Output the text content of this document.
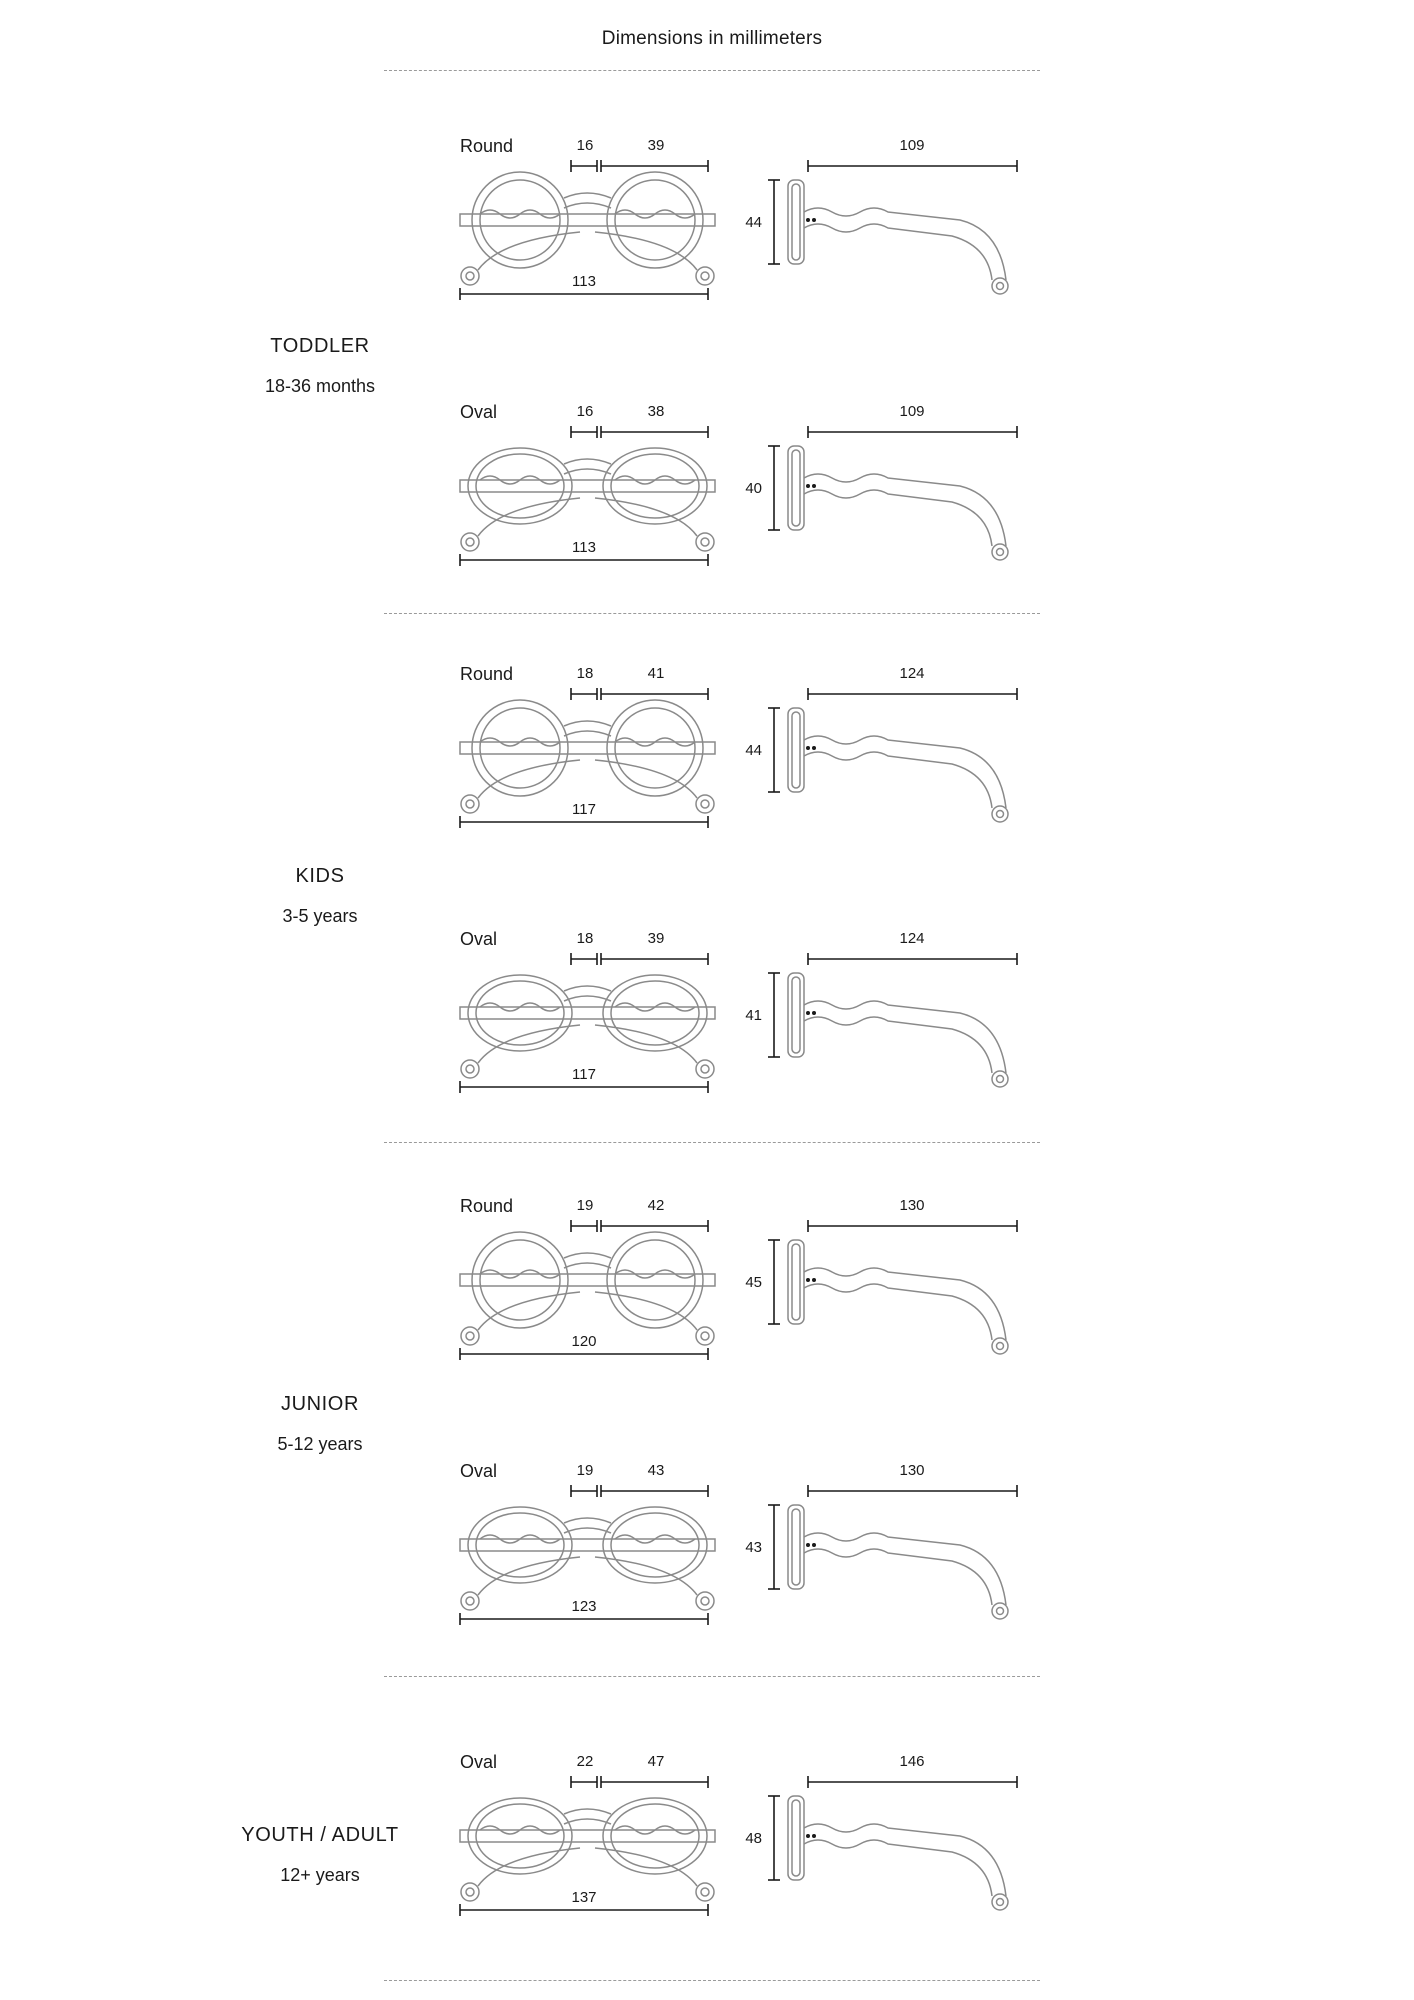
Dimensions in millimeters
TODDLER
18-36 months
Round	16	39
113
109
44
Oval	16	38
113
109
40
KIDS
3-5 years
Round	18	41
117
124
44
Oval	18	39
117
124
41
JUNIOR
5-12 years
Round	19	42
120
130
45
Oval	19	43
123
130
43
YOUTH / ADULT
12+ years
Oval	22	47
137
146
48
